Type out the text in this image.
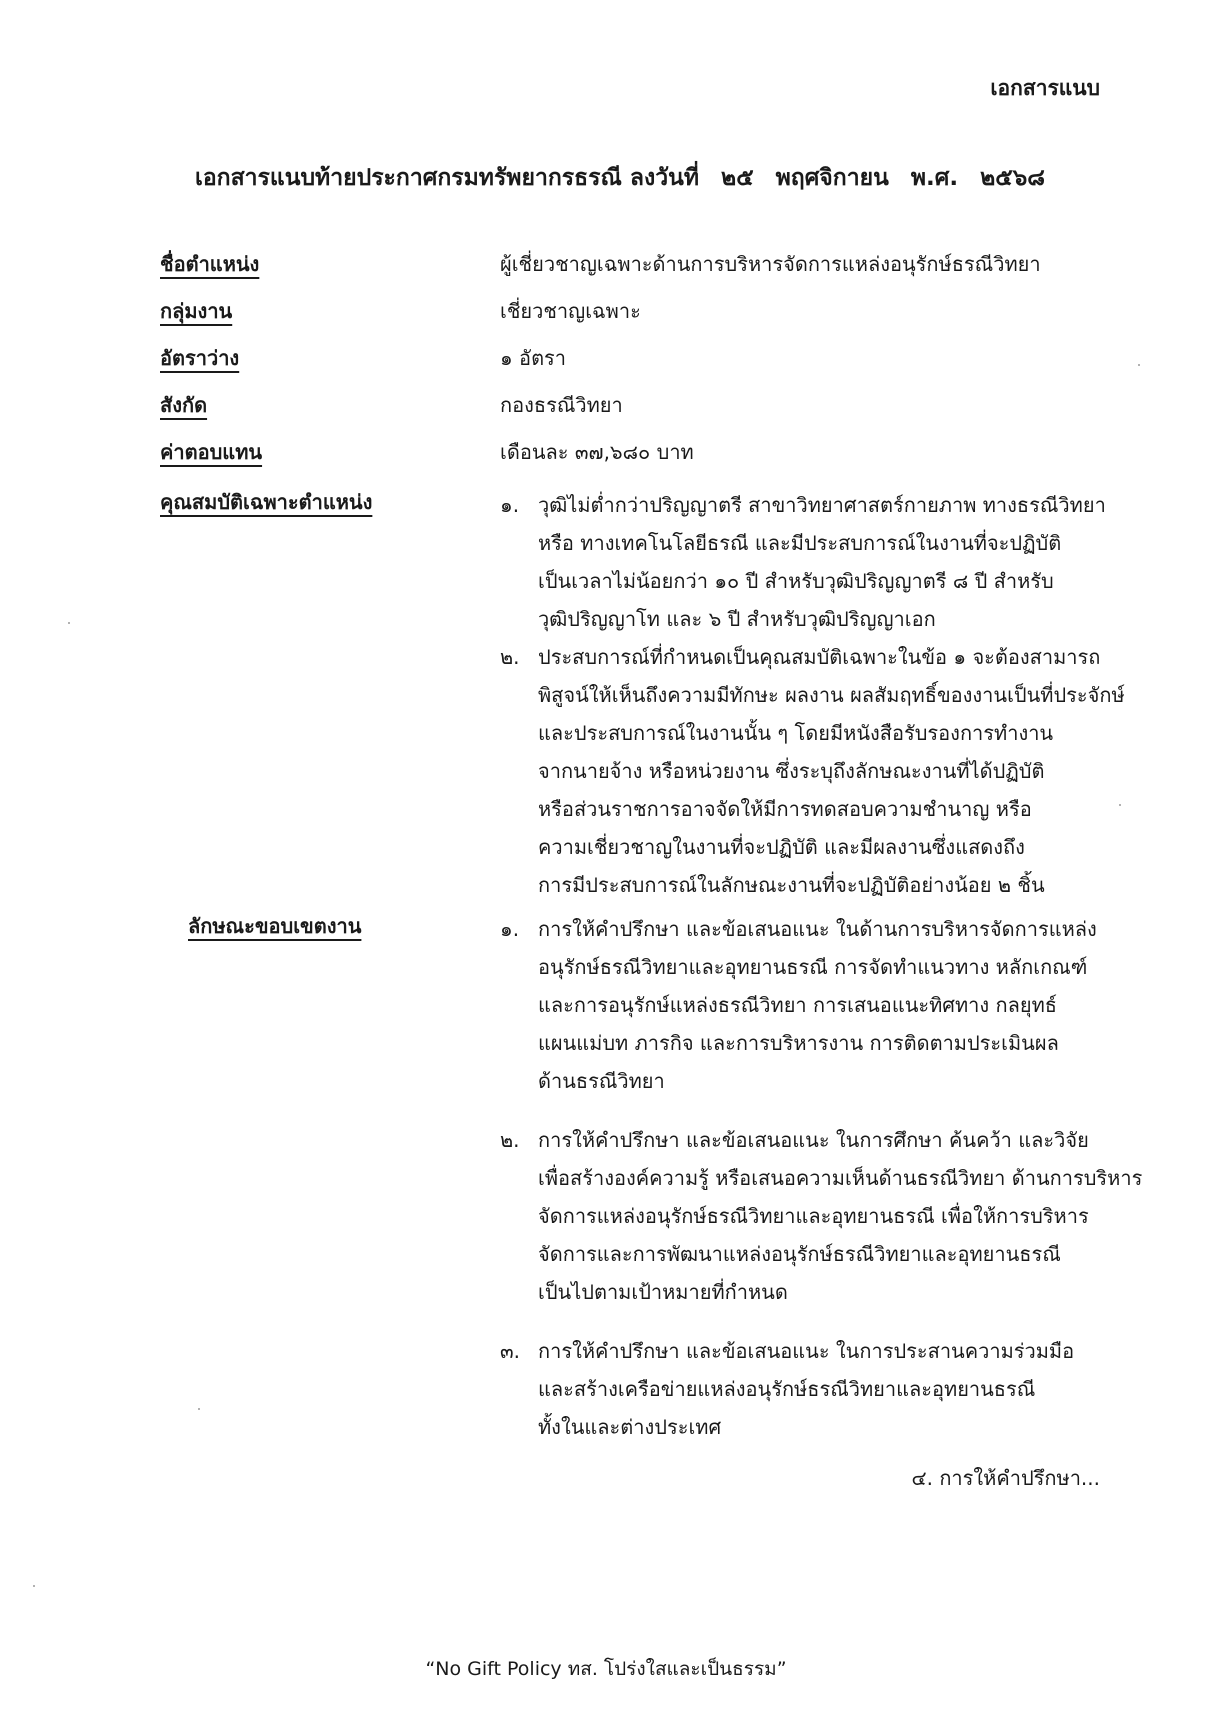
เอกสารแนบ
เอกสารแนบท้ายประกาศกรมทรัพยากรธรณี ลงวันที่ ๒๕ พฤศจิกายน พ.ศ. ๒๕๖๘
ชื่อตำแหน่ง	ผู้เชี่ยวชาญเฉพาะด้านการบริหารจัดการแหล่งอนุรักษ์ธรณีวิทยา
กลุ่มงาน	เชี่ยวชาญเฉพาะ
อัตราว่าง	๑ อัตรา
สังกัด	กองธรณีวิทยา
ค่าตอบแทน	เดือนละ ๓๗,๖๘๐ บาท
คุณสมบัติเฉพาะตำแหน่ง	๑. วุฒิไม่ต่ำกว่าปริญญาตรี สาขาวิทยาศาสตร์กายภาพ ทางธรณีวิทยา
หรือ ทางเทคโนโลยีธรณี และมีประสบการณ์ในงานที่จะปฏิบัติ
เป็นเวลาไม่น้อยกว่า ๑๐ ปี สำหรับวุฒิปริญญาตรี ๘ ปี สำหรับ
วุฒิปริญญาโท และ ๖ ปี สำหรับวุฒิปริญญาเอก
๒. ประสบการณ์ที่กำหนดเป็นคุณสมบัติเฉพาะในข้อ ๑ จะต้องสามารถ
พิสูจน์ให้เห็นถึงความมีทักษะ ผลงาน ผลสัมฤทธิ์ของงานเป็นที่ประจักษ์
และประสบการณ์ในงานนั้น ๆ โดยมีหนังสือรับรองการทำงาน
จากนายจ้าง หรือหน่วยงาน ซึ่งระบุถึงลักษณะงานที่ได้ปฏิบัติ
หรือส่วนราชการอาจจัดให้มีการทดสอบความชำนาญ หรือ
ความเชี่ยวชาญในงานที่จะปฏิบัติ และมีผลงานซึ่งแสดงถึง
การมีประสบการณ์ในลักษณะงานที่จะปฏิบัติอย่างน้อย ๒ ชิ้น
ลักษณะขอบเขตงาน	๑. การให้คำปรึกษา และข้อเสนอแนะ ในด้านการบริหารจัดการแหล่ง
อนุรักษ์ธรณีวิทยาและอุทยานธรณี การจัดทำแนวทาง หลักเกณฑ์
และการอนุรักษ์แหล่งธรณีวิทยา การเสนอแนะทิศทาง กลยุทธ์
แผนแม่บท ภารกิจ และการบริหารงาน การติดตามประเมินผล
ด้านธรณีวิทยา
๒. การให้คำปรึกษา และข้อเสนอแนะ ในการศึกษา ค้นคว้า และวิจัย
เพื่อสร้างองค์ความรู้ หรือเสนอความเห็นด้านธรณีวิทยา ด้านการบริหาร
จัดการแหล่งอนุรักษ์ธรณีวิทยาและอุทยานธรณี เพื่อให้การบริหาร
จัดการและการพัฒนาแหล่งอนุรักษ์ธรณีวิทยาและอุทยานธรณี
เป็นไปตามเป้าหมายที่กำหนด
๓. การให้คำปรึกษา และข้อเสนอแนะ ในการประสานความร่วมมือ
และสร้างเครือข่ายแหล่งอนุรักษ์ธรณีวิทยาและอุทยานธรณี
ทั้งในและต่างประเทศ
๔. การให้คำปรึกษา...
“No Gift Policy ทส. โปร่งใสและเป็นธรรม”
